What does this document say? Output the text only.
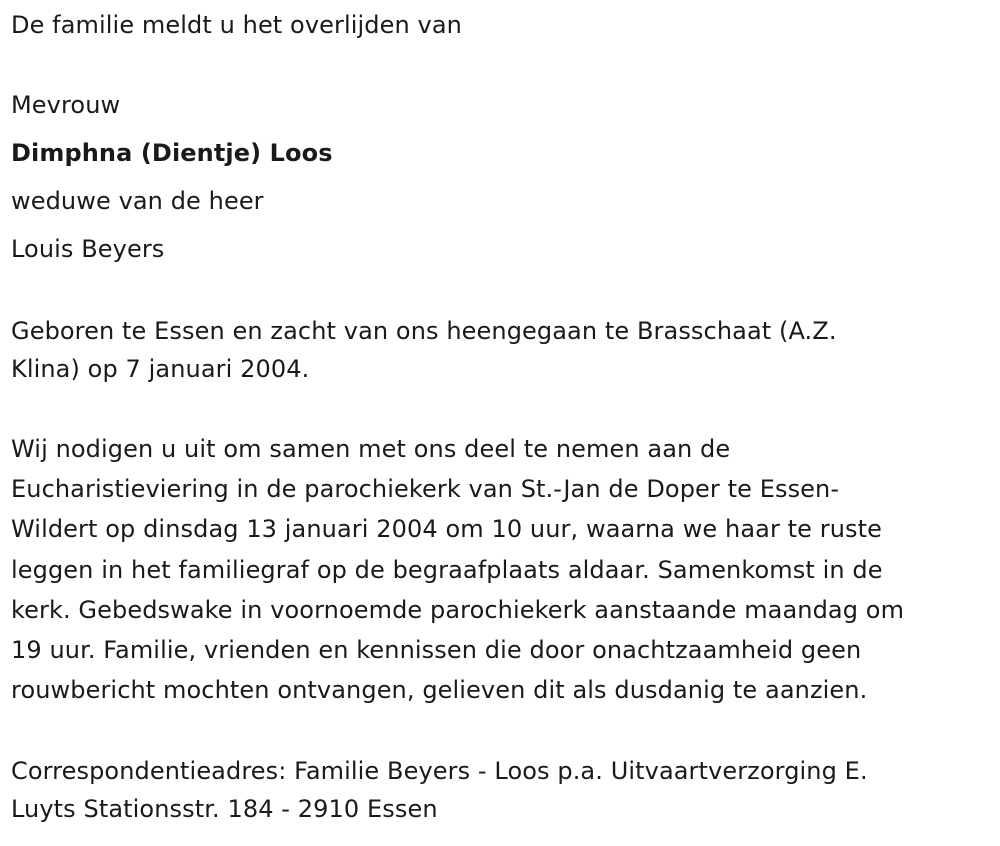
De familie meldt u het overlijden van
Mevrouw
Dimphna (Dientje) Loos
weduwe van de heer
Louis Beyers
Geboren te Essen en zacht van ons heengegaan te Brasschaat (A.Z.
Klina) op 7 januari 2004.
Wij nodigen u uit om samen met ons deel te nemen aan de
Eucharistieviering in de parochiekerk van St.-Jan de Doper te Essen-
Wildert op dinsdag 13 januari 2004 om 10 uur, waarna we haar te ruste
leggen in het familiegraf op de begraafplaats aldaar. Samenkomst in de
kerk. Gebedswake in voornoemde parochiekerk aanstaande maandag om
19 uur. Familie, vrienden en kennissen die door onachtzaamheid geen
rouwbericht mochten ontvangen, gelieven dit als dusdanig te aanzien.
Correspondentieadres: Familie Beyers - Loos p.a. Uitvaartverzorging E.
Luyts Stationsstr. 184 - 2910 Essen
